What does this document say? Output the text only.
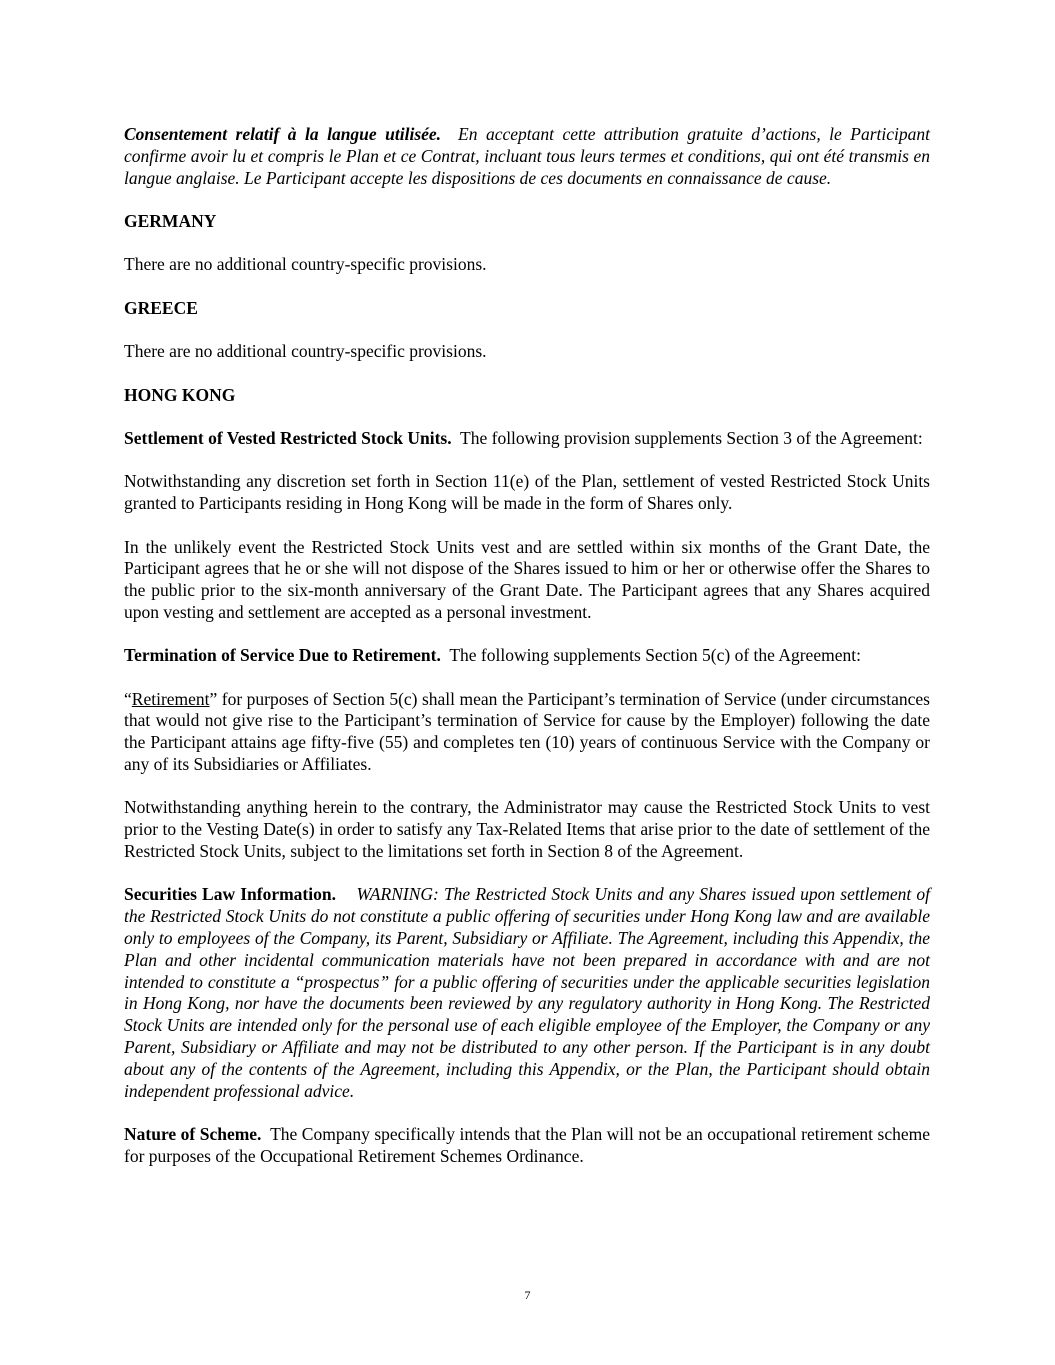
Consentement relatif à la langue utilisée. En acceptant cette attribution gratuite d’actions, le Participant confirme avoir lu et compris le Plan et ce Contrat, incluant tous leurs termes et conditions, qui ont été transmis en langue anglaise. Le Participant accepte les dispositions de ces documents en connaissance de cause.

GERMANY

There are no additional country-specific provisions.

GREECE

There are no additional country-specific provisions.

HONG KONG

Settlement of Vested Restricted Stock Units. The following provision supplements Section 3 of the Agreement:

Notwithstanding any discretion set forth in Section 11(e) of the Plan, settlement of vested Restricted Stock Units granted to Participants residing in Hong Kong will be made in the form of Shares only.

In the unlikely event the Restricted Stock Units vest and are settled within six months of the Grant Date, the Participant agrees that he or she will not dispose of the Shares issued to him or her or otherwise offer the Shares to the public prior to the six-month anniversary of the Grant Date. The Participant agrees that any Shares acquired upon vesting and settlement are accepted as a personal investment.

Termination of Service Due to Retirement. The following supplements Section 5(c) of the Agreement:

“Retirement” for purposes of Section 5(c) shall mean the Participant’s termination of Service (under circumstances that would not give rise to the Participant’s termination of Service for cause by the Employer) following the date the Participant attains age fifty-five (55) and completes ten (10) years of continuous Service with the Company or any of its Subsidiaries or Affiliates.

Notwithstanding anything herein to the contrary, the Administrator may cause the Restricted Stock Units to vest prior to the Vesting Date(s) in order to satisfy any Tax-Related Items that arise prior to the date of settlement of the Restricted Stock Units, subject to the limitations set forth in Section 8 of the Agreement.

Securities Law Information. WARNING: The Restricted Stock Units and any Shares issued upon settlement of the Restricted Stock Units do not constitute a public offering of securities under Hong Kong law and are available only to employees of the Company, its Parent, Subsidiary or Affiliate. The Agreement, including this Appendix, the Plan and other incidental communication materials have not been prepared in accordance with and are not intended to constitute a “prospectus” for a public offering of securities under the applicable securities legislation in Hong Kong, nor have the documents been reviewed by any regulatory authority in Hong Kong. The Restricted Stock Units are intended only for the personal use of each eligible employee of the Employer, the Company or any Parent, Subsidiary or Affiliate and may not be distributed to any other person. If the Participant is in any doubt about any of the contents of the Agreement, including this Appendix, or the Plan, the Participant should obtain independent professional advice.

Nature of Scheme. The Company specifically intends that the Plan will not be an occupational retirement scheme for purposes of the Occupational Retirement Schemes Ordinance.

7
